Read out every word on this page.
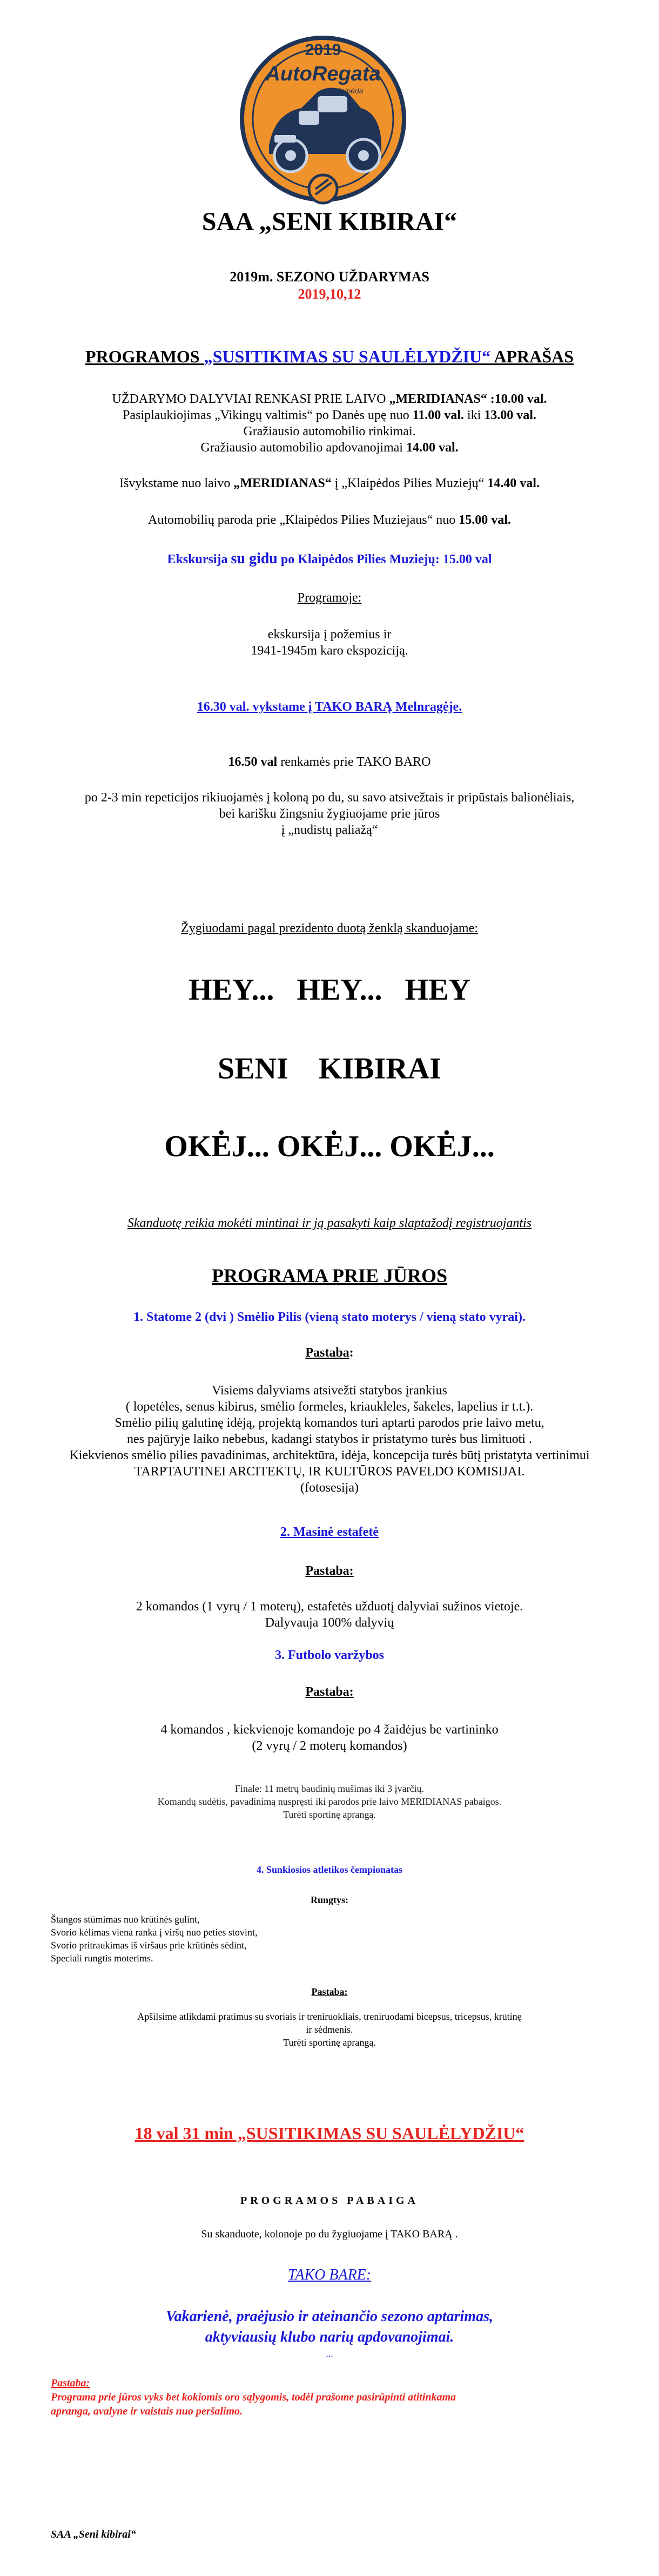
2019
AutoRegata
Klaipėda
SAA „SENI KIBIRAI“
2019m. SEZONO UŽDARYMAS
2019,10,12
PROGRAMOS „SUSITIKIMAS SU SAULĖLYDŽIU“ APRAŠAS
UŽDARYMO DALYVIAI RENKASI PRIE LAIVO „MERIDIANAS“ :10.00 val.
Pasiplaukiojimas „Vikingų valtimis“ po Danės upę nuo 11.00 val. iki 13.00 val.
Gražiausio automobilio rinkimai.
Gražiausio automobilio apdovanojimai 14.00 val.
Išvykstame nuo laivo „MERIDIANAS“ į „Klaipėdos Pilies Muziejų“ 14.40 val.
Automobilių paroda prie „Klaipėdos Pilies Muziejaus“ nuo 15.00 val.
Ekskursija su gidu po Klaipėdos Pilies Muziejų: 15.00 val
Programoje:
ekskursija į požemius ir
1941-1945m karo ekspoziciją.
16.30 val. vykstame į TAKO BARĄ Melnragėje.
16.50 val renkamės prie TAKO BARO
po 2-3 min repeticijos rikiuojamės į koloną po du, su savo atsivežtais ir pripūstais balionėliais,
bei karišku žingsniu žygiuojame prie jūros
į „nudistų paliažą“
Žygiuodami pagal prezidento duotą ženklą skanduojame:
HEY...   HEY...   HEY
SENI    KIBIRAI
OKĖJ... OKĖJ... OKĖJ...
Skanduotę reikia mokėti mintinai ir ją pasakyti kaip slaptažodį registruojantis
PROGRAMA PRIE JŪROS
1. Statome 2 (dvi ) Smėlio Pilis (vieną stato moterys / vieną stato vyrai).
Pastaba:
Visiems dalyviams atsivežti statybos įrankius
( lopetėles, senus kibirus, smėlio formeles, kriaukleles, šakeles, lapelius ir t.t.).
Smėlio pilių galutinę idėją, projektą komandos turi aptarti parodos prie laivo metu,
nes pajūryje laiko nebebus, kadangi statybos ir pristatymo turės bus limituoti .
Kiekvienos smėlio pilies pavadinimas, architektūra, idėja, koncepcija turės būtį pristatyta vertinimui
TARPTAUTINEI ARCITEKTŲ, IR KULTŪROS PAVELDO KOMISIJAI.
(fotosesija)
2. Masinė estafetė
Pastaba:
2 komandos (1 vyrų / 1 moterų), estafetės užduotį dalyviai sužinos vietoje.
Dalyvauja 100% dalyvių
3. Futbolo varžybos
Pastaba:
4 komandos , kiekvienoje komandoje po 4 žaidėjus be vartininko
(2 vyrų / 2 moterų komandos)
Finale: 11 metrų baudinių mušimas iki 3 įvarčių.
Komandų sudėtis, pavadinimą nuspręsti iki parodos prie laivo MERIDIANAS pabaigos.
Turėti sportinę aprangą.
4. Sunkiosios atletikos čempionatas
Rungtys:
Štangos stūmimas nuo krūtinės gulint,
Svorio kėlimas viena ranka į viršų nuo peties stovint,
Svorio pritraukimas iš viršaus prie krūtinės sėdint,
Speciali rungtis moterims.
Pastaba:
Apšilsime atlikdami pratimus su svoriais ir treniruokliais, treniruodami bicepsus, tricepsus, krūtinę
ir sėdmenis.
Turėti sportinę aprangą.
18 val 31 min „SUSITIKIMAS SU SAULĖLYDŽIU“
PROGRAMOS PABAIGA
Su skanduote, kolonoje po du žygiuojame į TAKO BARĄ .
TAKO BARE:
Vakarienė, praėjusio ir ateinančio sezono aptarimas,
aktyviausių klubo narių apdovanojimai.
...
Pastaba:
Programa prie jūros vyks bet kokiomis oro sąlygomis, todėl prašome pasirūpinti atitinkama
apranga, avalyne ir vaistais nuo peršalimo.
SAA „Seni kibirai“
